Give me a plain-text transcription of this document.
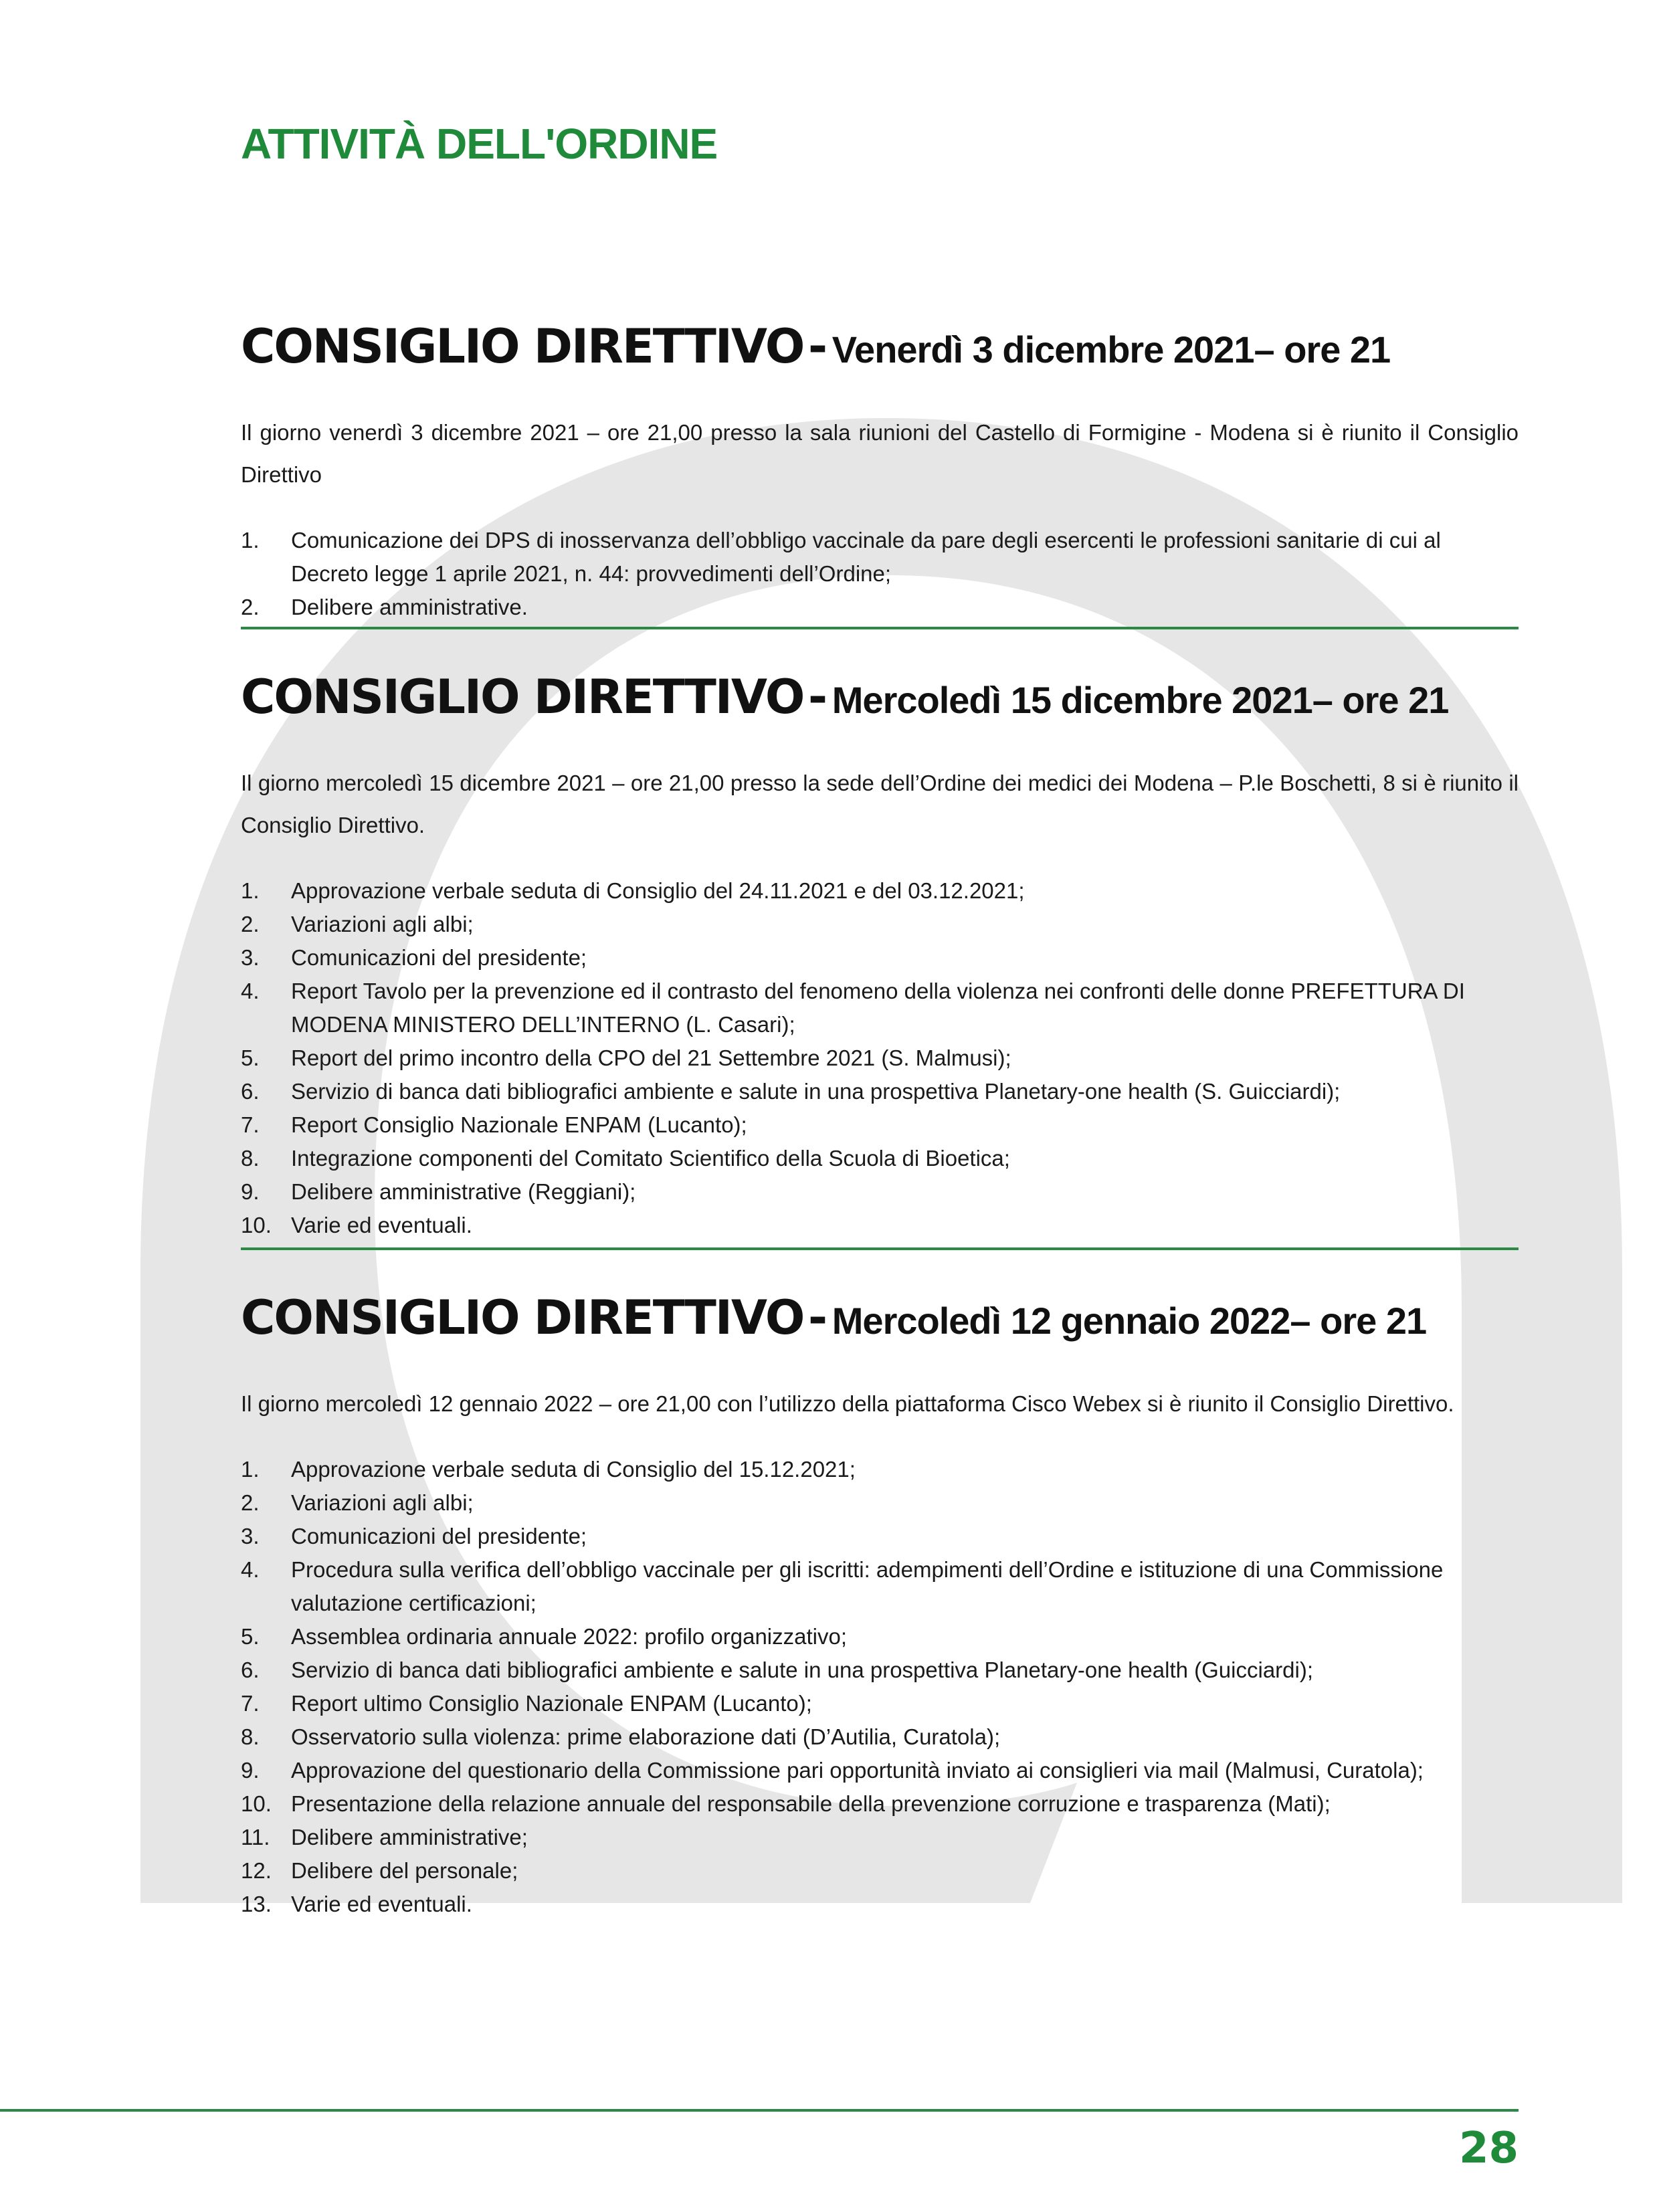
ATTIVITÀ DELL'ORDINE
CONSIGLIO DIRETTIVO - Venerdì 3 dicembre 2021– ore 21

Il giorno venerdì 3 dicembre 2021 – ore 21,00 presso la sala riunioni del Castello di Formigine - Modena si è riunito il Consiglio Direttivo

1.	Comunicazione dei DPS di inosservanza dell’obbligo vaccinale da pare degli esercenti le professioni sanitarie di cui al Decreto legge 1 aprile 2021, n. 44: provvedimenti dell’Ordine;
2.	Delibere amministrative.
CONSIGLIO DIRETTIVO - Mercoledì 15 dicembre 2021– ore 21

Il giorno mercoledì 15 dicembre 2021 – ore 21,00 presso la sede dell’Ordine dei medici dei Modena – P.le Boschetti, 8 si è riunito il Consiglio Direttivo.

1.	Approvazione verbale seduta di Consiglio del 24.11.2021 e del 03.12.2021;
2.	Variazioni agli albi;
3.	Comunicazioni del presidente;
4.	Report Tavolo per la prevenzione ed il contrasto del fenomeno della violenza nei confronti delle donne PREFETTURA DI MODENA MINISTERO DELL’INTERNO (L. Casari);
5.	Report del primo incontro della CPO del 21 Settembre 2021 (S. Malmusi);
6.	Servizio di banca dati bibliografici ambiente e salute in una prospettiva Planetary-one health (S. Guicciardi);
7.	Report Consiglio Nazionale ENPAM (Lucanto);
8.	Integrazione componenti del Comitato Scientifico della Scuola di Bioetica;
9.	Delibere amministrative (Reggiani);
10. Varie ed eventuali.
CONSIGLIO DIRETTIVO - Mercoledì 12 gennaio 2022– ore 21

Il giorno mercoledì 12 gennaio 2022 – ore 21,00 con l’utilizzo della piattaforma Cisco Webex si è riunito il Consiglio Direttivo.

1.	Approvazione verbale seduta di Consiglio del 15.12.2021;
2.	Variazioni agli albi;
3.	Comunicazioni del presidente;
4.	Procedura sulla verifica dell’obbligo vaccinale per gli iscritti: adempimenti dell’Ordine e istituzione di una Commissione valutazione certificazioni;
5.	Assemblea ordinaria annuale 2022: profilo organizzativo;
6.	Servizio di banca dati bibliografici ambiente e salute in una prospettiva Planetary-one health (Guicciardi);
7.	Report ultimo Consiglio Nazionale ENPAM (Lucanto);
8.	Osservatorio sulla violenza: prime elaborazione dati (D’Autilia, Curatola);
9.	Approvazione del questionario della Commissione pari opportunità inviato ai consiglieri via mail (Malmusi, Curatola);
10. Presentazione della relazione annuale del responsabile della prevenzione corruzione e trasparenza (Mati);
11. Delibere amministrative;
12. Delibere del personale;
13. Varie ed eventuali.
28
